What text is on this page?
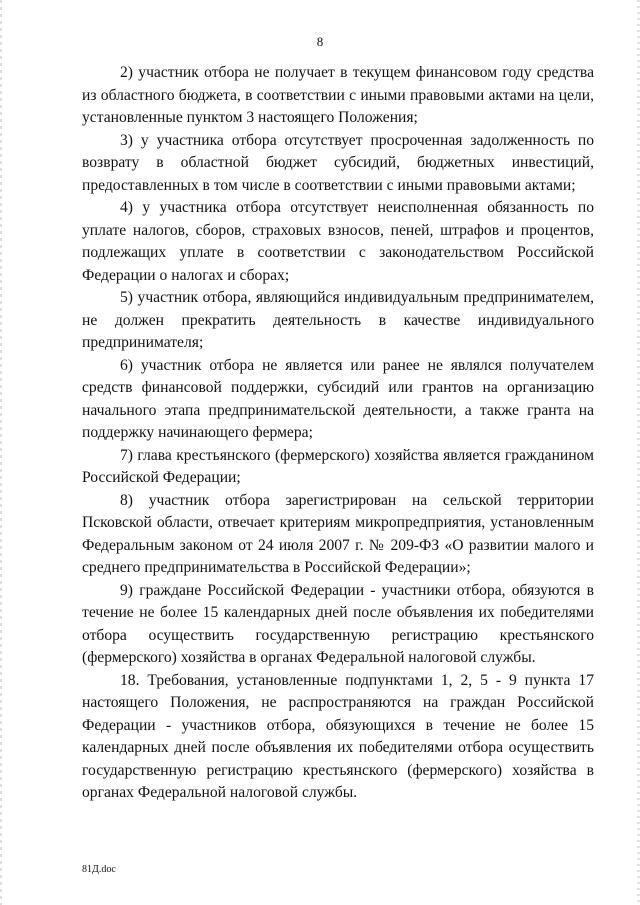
8

2) участник отбора не получает в текущем финансовом году средства из областного бюджета, в соответствии с иными правовыми актами на цели, установленные пунктом 3 настоящего Положения;

3) у участника отбора отсутствует просроченная задолженность по возврату в областной бюджет субсидий, бюджетных инвестиций, предоставленных в том числе в соответствии с иными правовыми актами;

4) у участника отбора отсутствует неисполненная обязанность по уплате налогов, сборов, страховых взносов, пеней, штрафов и процентов, подлежащих уплате в соответствии с законодательством Российской Федерации о налогах и сборах;

5) участник отбора, являющийся индивидуальным предпринимателем, не должен прекратить деятельность в качестве индивидуального предпринимателя;

6) участник отбора не является или ранее не являлся получателем средств финансовой поддержки, субсидий или грантов на организацию начального этапа предпринимательской деятельности, а также гранта на поддержку начинающего фермера;

7) глава крестьянского (фермерского) хозяйства является гражданином Российской Федерации;

8) участник отбора зарегистрирован на сельской территории Псковской области, отвечает критериям микропредприятия, установленным Федеральным законом от 24 июля 2007 г. № 209-ФЗ «О развитии малого и среднего предпринимательства в Российской Федерации»;

9) граждане Российской Федерации - участники отбора, обязуются в течение не более 15 календарных дней после объявления их победителями отбора осуществить государственную регистрацию крестьянского (фермерского) хозяйства в органах Федеральной налоговой службы.

18. Требования, установленные подпунктами 1, 2, 5 - 9 пункта 17 настоящего Положения, не распространяются на граждан Российской Федерации - участников отбора, обязующихся в течение не более 15 календарных дней после объявления их победителями отбора осуществить государственную регистрацию крестьянского (фермерского) хозяйства в органах Федеральной налоговой службы.

81Д.doc
